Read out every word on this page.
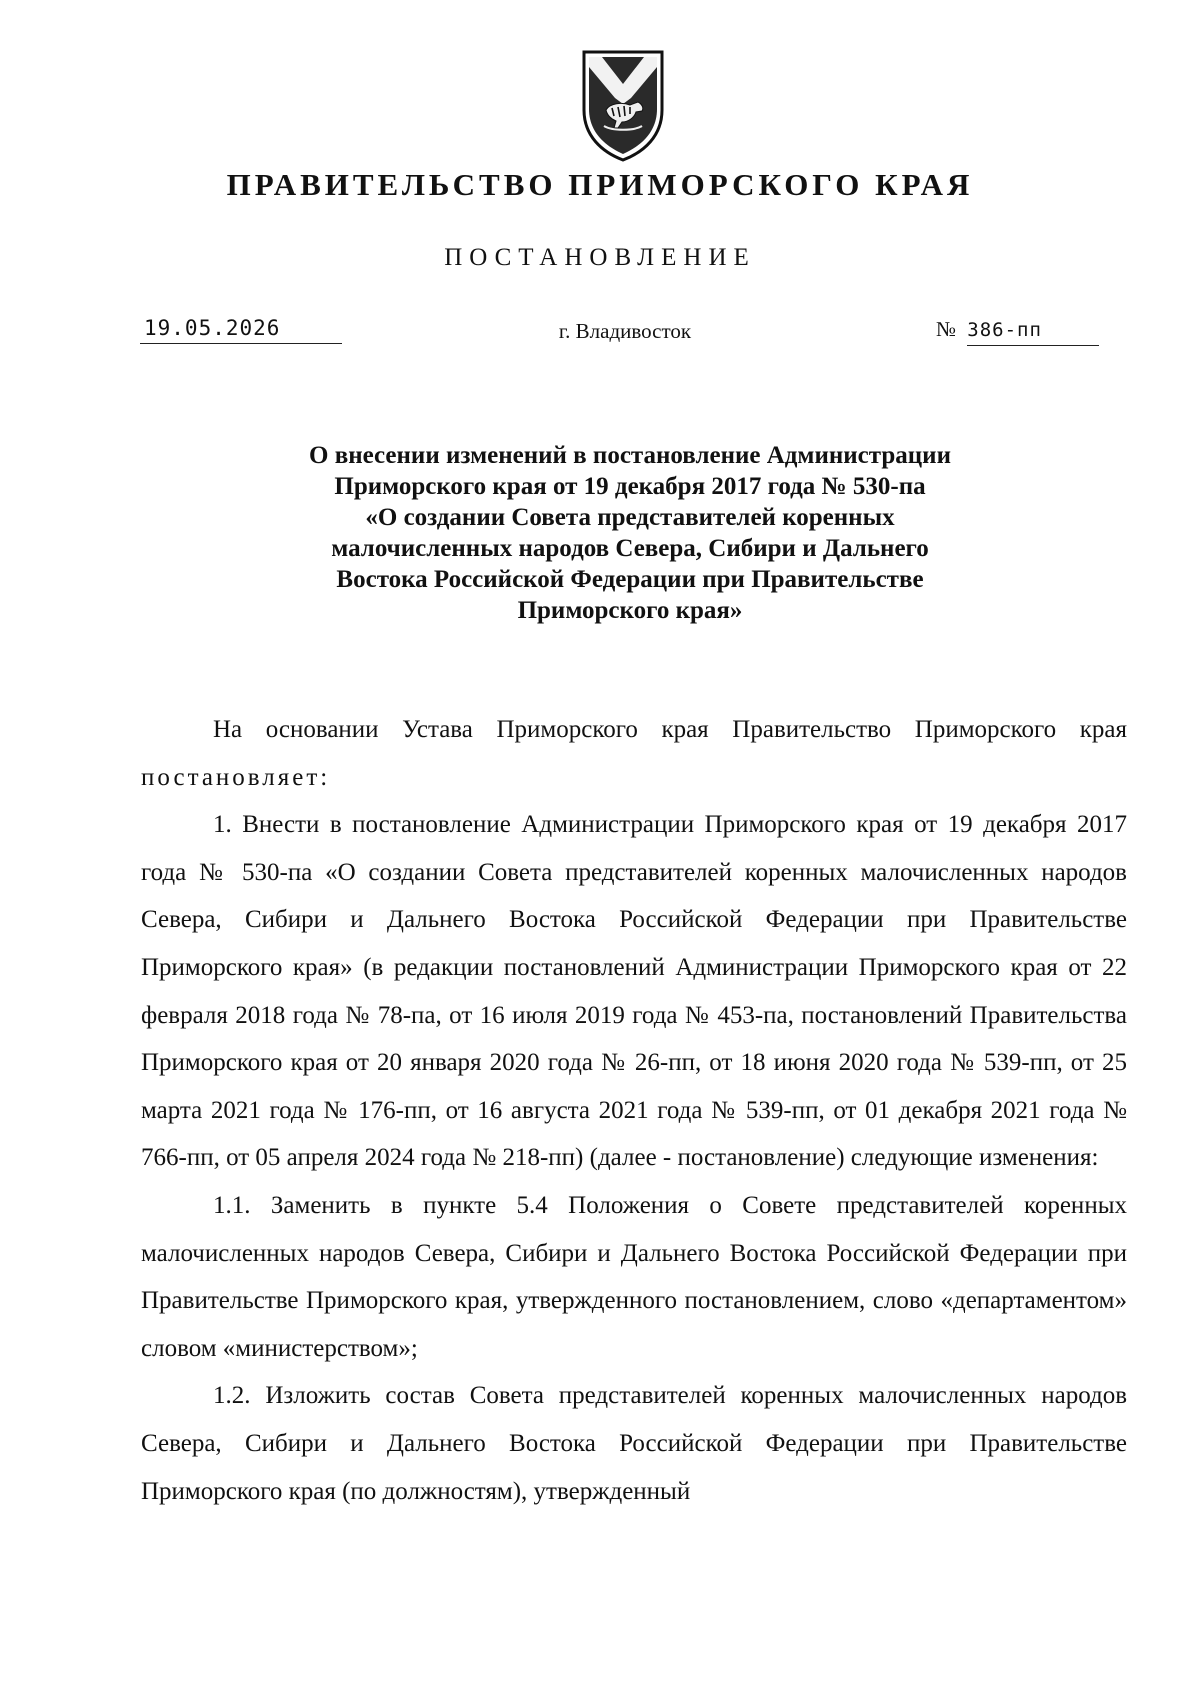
ПРАВИТЕЛЬСТВО ПРИМОРСКОГО КРАЯ
ПОСТАНОВЛЕНИЕ
19.05.2026	г. Владивосток	№ 386-пп
О внесении изменений в постановление Администрации
Приморского края от 19 декабря 2017 года № 530-па
«О создании Совета представителей коренных
малочисленных народов Севера, Сибири и Дальнего
Востока Российской Федерации при Правительстве
Приморского края»

На основании Устава Приморского края Правительство Приморского края постановляет:

1. Внести в постановление Администрации Приморского края от 19 декабря 2017 года № 530-па «О создании Совета представителей коренных малочисленных народов Севера, Сибири и Дальнего Востока Российской Федерации при Правительстве Приморского края» (в редакции постановлений Администрации Приморского края от 22 февраля 2018 года № 78-па, от 16 июля 2019 года № 453-па, постановлений Правительства Приморского края от 20 января 2020 года № 26-пп, от 18 июня 2020 года № 539-пп, от 25 марта 2021 года № 176-пп, от 16 августа 2021 года № 539-пп, от 01 декабря 2021 года № 766-пп, от 05 апреля 2024 года № 218-пп) (далее - постановление) следующие изменения:

1.1. Заменить в пункте 5.4 Положения о Совете представителей коренных малочисленных народов Севера, Сибири и Дальнего Востока Российской Федерации при Правительстве Приморского края, утвержденного постановлением, слово «департаментом» словом «министерством»;

1.2. Изложить состав Совета представителей коренных малочисленных народов Севера, Сибири и Дальнего Востока Российской Федерации при Правительстве Приморского края (по должностям), утвержденный
